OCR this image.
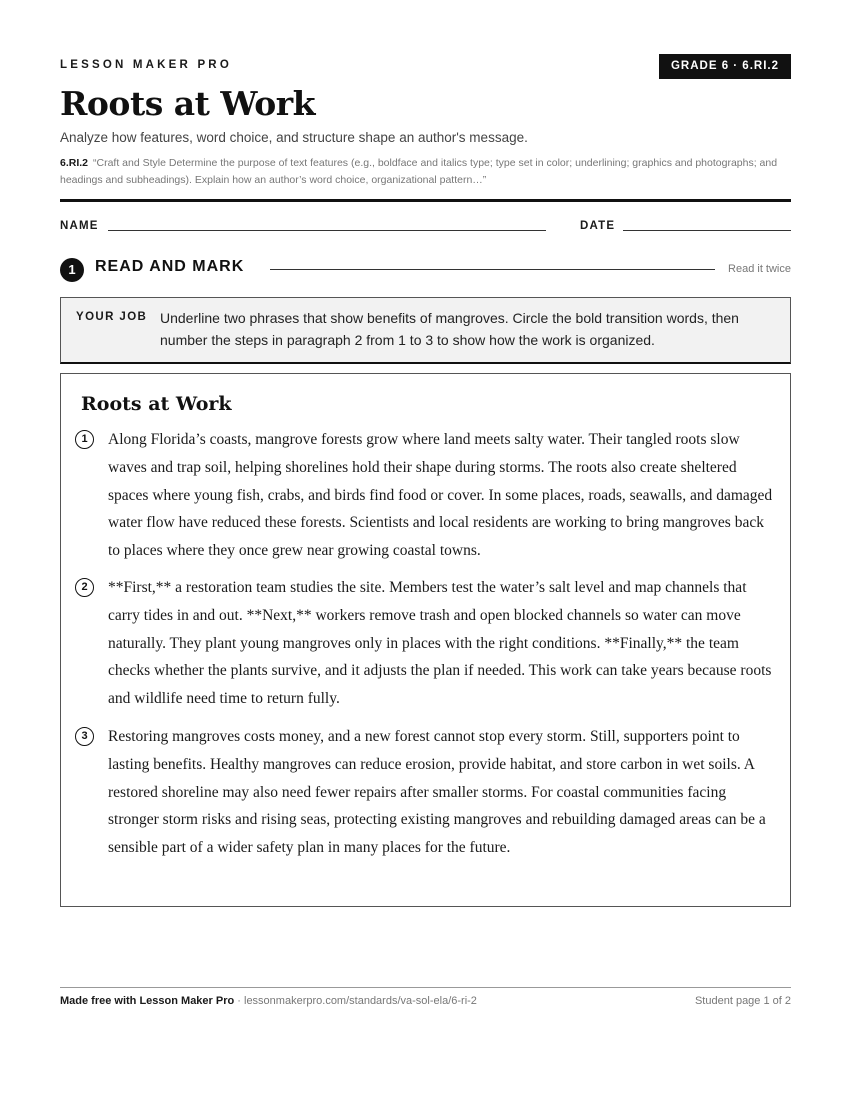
LESSON MAKER PRO	GRADE 6 · 6.RI.2
Roots at Work
Analyze how features, word choice, and structure shape an author's message.
6.RI.2 “Craft and Style Determine the purpose of text features (e.g., boldface and italics type; type set in color; underlining; graphics and photographs; and headings and subheadings). Explain how an author’s word choice, organizational pattern…”
NAME	DATE
1	READ AND MARK	Read it twice
YOUR JOB Underline two phrases that show benefits of mangroves. Circle the bold transition words, then number the steps in paragraph 2 from 1 to 3 to show how the work is organized.
Roots at Work
1	Along Florida’s coasts, mangrove forests grow where land meets salty water. Their tangled roots slow waves and trap soil, helping shorelines hold their shape during storms. The roots also create sheltered spaces where young fish, crabs, and birds find food or cover. In some places, roads, seawalls, and damaged water flow have reduced these forests. Scientists and local residents are working to bring mangroves back to places where they once grew near growing coastal towns.
2	**First,** a restoration team studies the site. Members test the water’s salt level and map channels that carry tides in and out. **Next,** workers remove trash and open blocked channels so water can move naturally. They plant young mangroves only in places with the right conditions. **Finally,** the team checks whether the plants survive, and it adjusts the plan if needed. This work can take years because roots and wildlife need time to return fully.
3	Restoring mangroves costs money, and a new forest cannot stop every storm. Still, supporters point to lasting benefits. Healthy mangroves can reduce erosion, provide habitat, and store carbon in wet soils. A restored shoreline may also need fewer repairs after smaller storms. For coastal communities facing stronger storm risks and rising seas, protecting existing mangroves and rebuilding damaged areas can be a sensible part of a wider safety plan in many places for the future.
Made free with Lesson Maker Pro · lessonmakerpro.com/standards/va-sol-ela/6-ri-2	Student page 1 of 2
